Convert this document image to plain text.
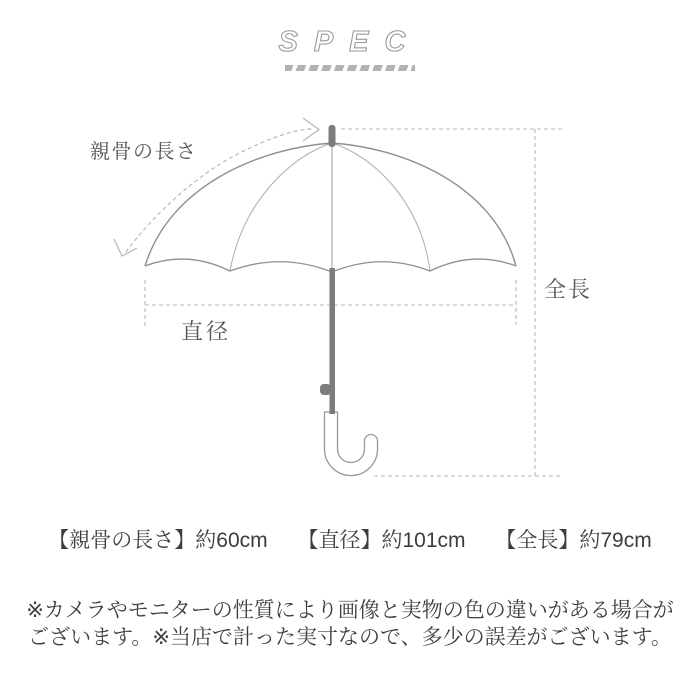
SPEC
親骨の長さ
直径
全長
【親骨の長さ】約60cm 【直径】約101cm 【全長】約79cm
※カメラやモニターの性質により画像と実物の色の違いがある場合が
ございます。※当店で計った実寸なので、多少の誤差がございます。
